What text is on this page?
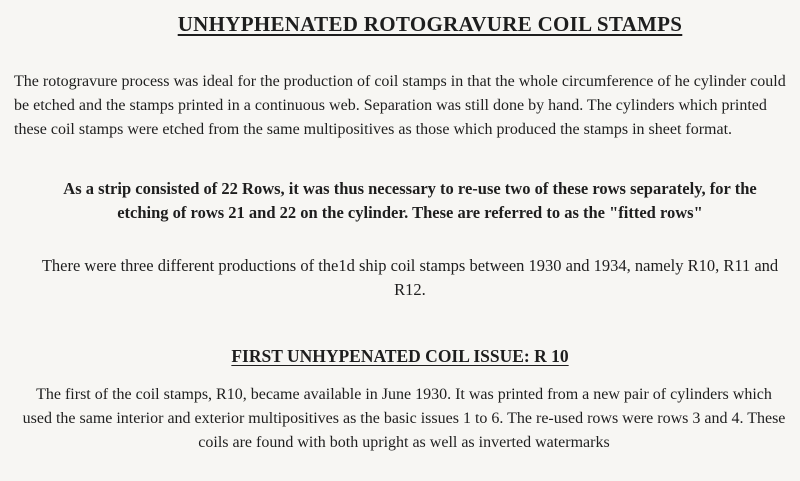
UNHYPHENATED ROTOGRAVURE COIL STAMPS

The rotogravure process was ideal for the production of coil stamps in that the whole circumference of he cylinder could be etched and the stamps printed in a continuous web. Separation was still done by hand. The cylinders which printed these coil stamps were etched from the same multipositives as those which produced the stamps in sheet format.

As a strip consisted of 22 Rows, it was thus necessary to re-use two of these rows separately, for the etching of rows 21 and 22 on the cylinder. These are referred to as the "fitted rows"

There were three different productions of the1d ship coil stamps between 1930 and 1934, namely R10, R11 and R12.

FIRST UNHYPENATED COIL ISSUE: R 10

The first of the coil stamps, R10, became available in June 1930. It was printed from a new pair of cylinders which used the same interior and exterior multipositives as the basic issues 1 to 6. The re-used rows were rows 3 and 4. These coils are found with both upright as well as inverted watermarks
